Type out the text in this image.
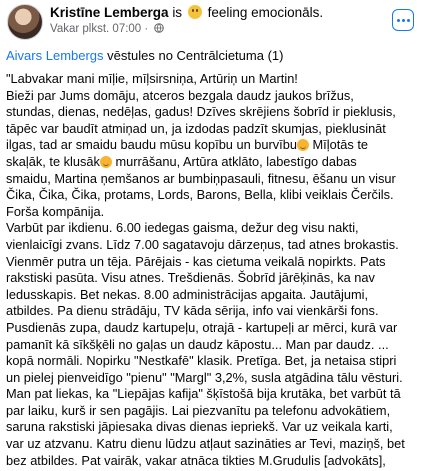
Kristīne Lemberga is feeling emocionāls.
Vakar plkst. 07:00 ·
Aivars Lembergs vēstules no Centrālcietuma (1)
"Labvakar mani mīļie, mīļsirsniņa, Artūriņ un Martin!
Bieži par Jums domāju, atceros bezgala daudz jaukos brīžus,
stundas, dienas, nedēļas, gadus! Dzīves skrējiens šobrīd ir pieklusis,
tāpēc var baudīt atmiņad un, ja izdodas padzīt skumjas, pieklusināt
ilgas, tad ar smaidu baudu mūsu kopību un burvību Mīļotās te
skaļāk, te klusāk murrāšanu, Artūra atklāto, labestīgo dabas
smaidu, Martina ņemšanos ar bumbiņpasauli, fitnesu, ēšanu un visur
Čika, Čika, Čika, protams, Lords, Barons, Bella, klibi veiklais Čerčils.
Forša kompānija.
Varbūt par ikdienu. 6.00 iedegas gaisma, dežur deg visu nakti,
vienlaicīgi zvans. Līdz 7.00 sagatavoju dārzeņus, tad atnes brokastis.
Vienmēr putra un tēja. Pārējais - kas cietuma veikalā nopirkts. Pats
rakstiski pasūta. Visu atnes. Trešdienās. Šobrīd jārēķinās, ka nav
ledusskapis. Bet nekas. 8.00 administrācijas apgaita. Jautājumi,
atbildes. Pa dienu strādāju, TV kāda sērija, info vai vienkārši fons.
Pusdienās zupa, daudz kartupeļu, otrajā - kartupeļi ar mērci, kurā var
pamanīt kā sīkšķēli no gaļas un daudz kāpostu... Man par daudz. ...
kopā normāli. Nopirku "Nestkafē" klasik. Pretīga. Bet, ja netaisa stipri
un pielej pienveidīgo "pienu" "Margl" 3,2%, susla atgādina tālu vēsturi.
Man pat liekas, ka "Liepājas kafija" šķīstošā bija krutāka, bet varbūt tā
par laiku, kurš ir sen pagājis. Lai piezvanītu pa telefonu advokātiem,
saruna rakstiski jāpiesaka divas dienas iepriekš. Var uz veikala karti,
var uz atzvanu. Katru dienu lūdzu atļaut sazināties ar Tevi, maziņš, bet
bez atbildes. Pat vairāk, vakar atnāca tikties M.Grudulis [advokāts],
